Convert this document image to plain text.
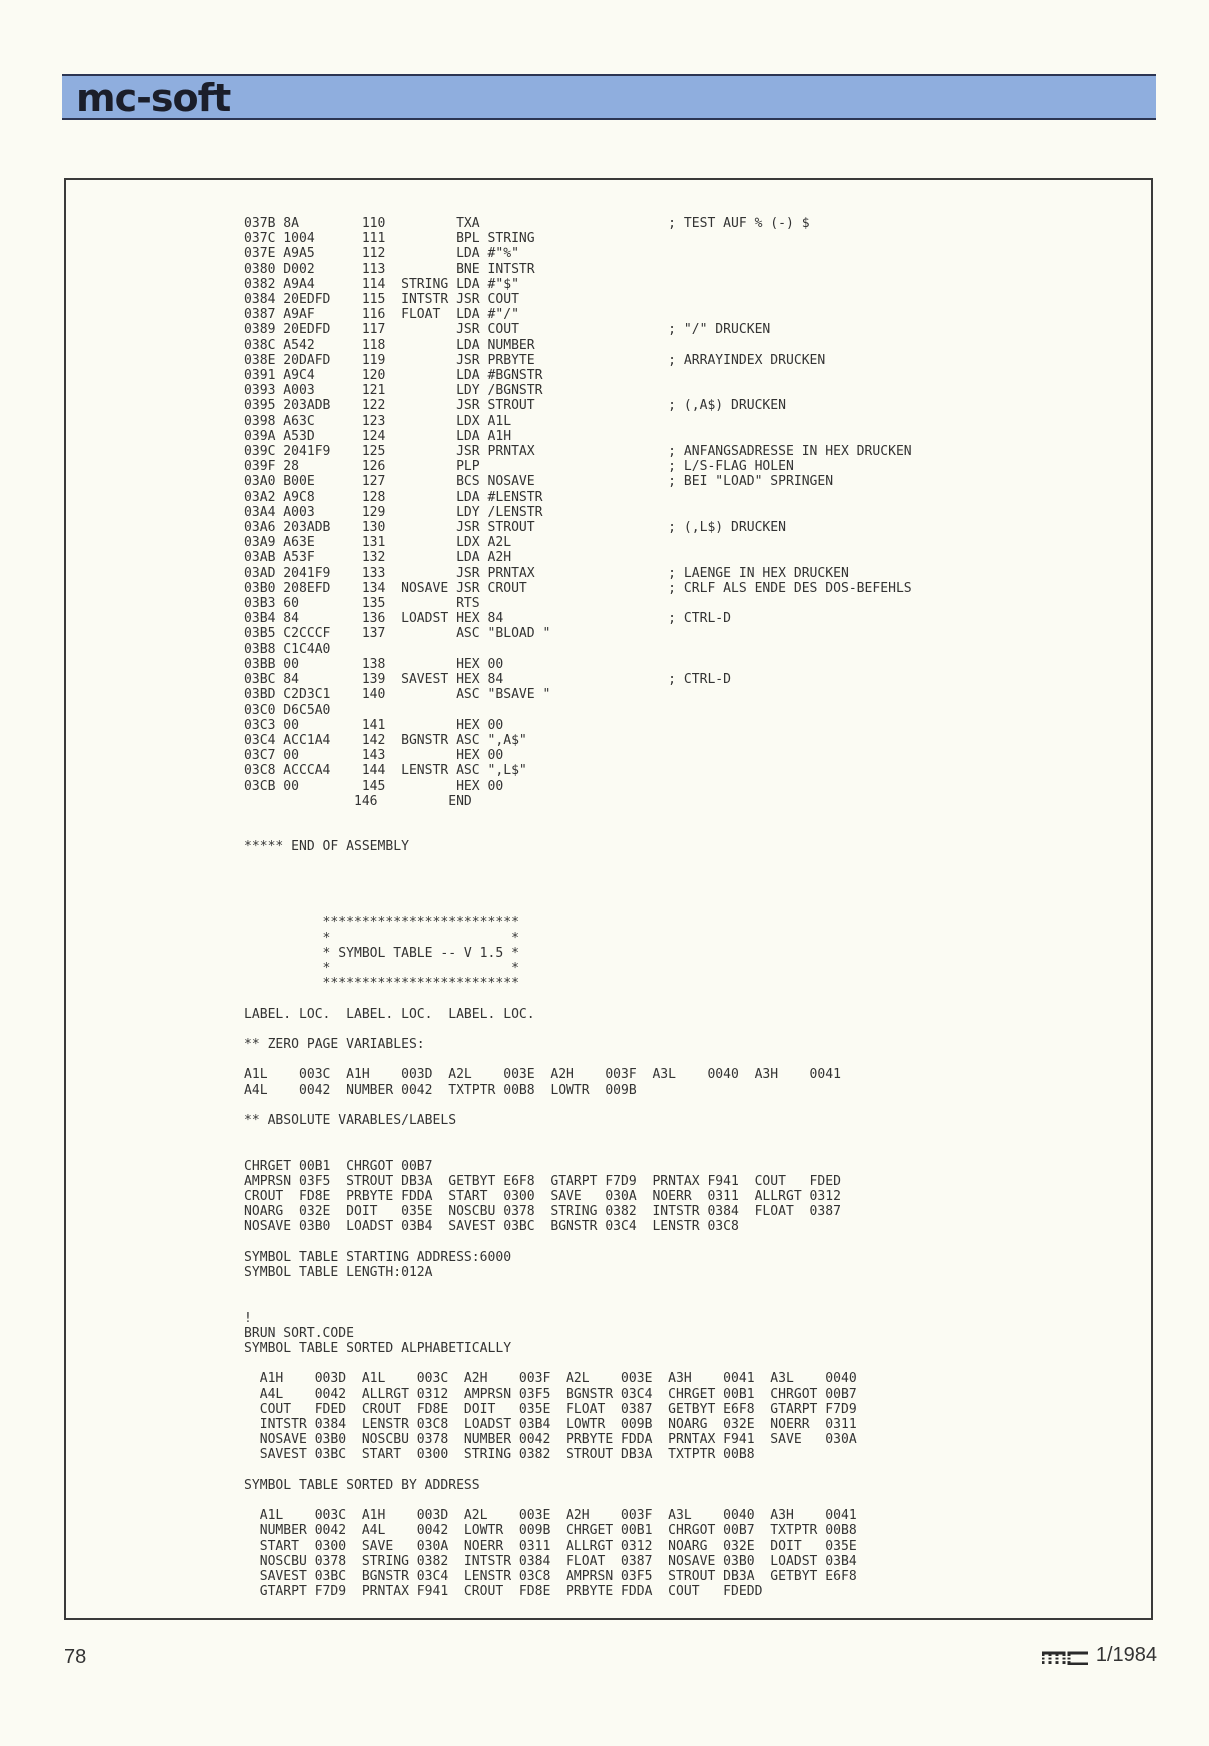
mc-soft
037B 8A        110         TXA                        ; TEST AUF % (-) $
037C 1004      111         BPL STRING
037E A9A5      112         LDA #"%"
0380 D002      113         BNE INTSTR
0382 A9A4      114  STRING LDA #"$"
0384 20EDFD    115  INTSTR JSR COUT
0387 A9AF      116  FLOAT  LDA #"/"
0389 20EDFD    117         JSR COUT                   ; "/" DRUCKEN
038C A542      118         LDA NUMBER
038E 20DAFD    119         JSR PRBYTE                 ; ARRAYINDEX DRUCKEN
0391 A9C4      120         LDA #BGNSTR
0393 A003      121         LDY /BGNSTR
0395 203ADB    122         JSR STROUT                 ; (,A$) DRUCKEN
0398 A63C      123         LDX A1L
039A A53D      124         LDA A1H
039C 2041F9    125         JSR PRNTAX                 ; ANFANGSADRESSE IN HEX DRUCKEN
039F 28        126         PLP                        ; L/S-FLAG HOLEN
03A0 B00E      127         BCS NOSAVE                 ; BEI "LOAD" SPRINGEN
03A2 A9C8      128         LDA #LENSTR
03A4 A003      129         LDY /LENSTR
03A6 203ADB    130         JSR STROUT                 ; (,L$) DRUCKEN
03A9 A63E      131         LDX A2L
03AB A53F      132         LDA A2H
03AD 2041F9    133         JSR PRNTAX                 ; LAENGE IN HEX DRUCKEN
03B0 208EFD    134  NOSAVE JSR CROUT                  ; CRLF ALS ENDE DES DOS-BEFEHLS
03B3 60        135         RTS
03B4 84        136  LOADST HEX 84                     ; CTRL-D
03B5 C2CCCF    137         ASC "BLOAD "
03B8 C1C4A0
03BB 00        138         HEX 00
03BC 84        139  SAVEST HEX 84                     ; CTRL-D
03BD C2D3C1    140         ASC "BSAVE "
03C0 D6C5A0
03C3 00        141         HEX 00
03C4 ACC1A4    142  BGNSTR ASC ",A$"
03C7 00        143         HEX 00
03C8 ACCCA4    144  LENSTR ASC ",L$"
03CB 00        145         HEX 00
146         END

***** END OF ASSEMBLY

*************************
*                       *
* SYMBOL TABLE -- V 1.5 *
*                       *
*************************

LABEL. LOC.  LABEL. LOC.  LABEL. LOC.

** ZERO PAGE VARIABLES:

A1L    003C  A1H    003D  A2L    003E  A2H    003F  A3L    0040  A3H    0041
A4L    0042  NUMBER 0042  TXTPTR 00B8  LOWTR  009B

** ABSOLUTE VARABLES/LABELS

CHRGET 00B1  CHRGOT 00B7
AMPRSN 03F5  STROUT DB3A  GETBYT E6F8  GTARPT F7D9  PRNTAX F941  COUT   FDED
CROUT  FD8E  PRBYTE FDDA  START  0300  SAVE   030A  NOERR  0311  ALLRGT 0312
NOARG  032E  DOIT   035E  NOSCBU 0378  STRING 0382  INTSTR 0384  FLOAT  0387
NOSAVE 03B0  LOADST 03B4  SAVEST 03BC  BGNSTR 03C4  LENSTR 03C8

SYMBOL TABLE STARTING ADDRESS:6000
SYMBOL TABLE LENGTH:012A

!
BRUN SORT.CODE
SYMBOL TABLE SORTED ALPHABETICALLY

A1H    003D  A1L    003C  A2H    003F  A2L    003E  A3H    0041  A3L    0040
A4L    0042  ALLRGT 0312  AMPRSN 03F5  BGNSTR 03C4  CHRGET 00B1  CHRGOT 00B7
COUT   FDED  CROUT  FD8E  DOIT   035E  FLOAT  0387  GETBYT E6F8  GTARPT F7D9
INTSTR 0384  LENSTR 03C8  LOADST 03B4  LOWTR  009B  NOARG  032E  NOERR  0311
NOSAVE 03B0  NOSCBU 0378  NUMBER 0042  PRBYTE FDDA  PRNTAX F941  SAVE   030A
SAVEST 03BC  START  0300  STRING 0382  STROUT DB3A  TXTPTR 00B8

SYMBOL TABLE SORTED BY ADDRESS

A1L    003C  A1H    003D  A2L    003E  A2H    003F  A3L    0040  A3H    0041
NUMBER 0042  A4L    0042  LOWTR  009B  CHRGET 00B1  CHRGOT 00B7  TXTPTR 00B8
START  0300  SAVE   030A  NOERR  0311  ALLRGT 0312  NOARG  032E  DOIT   035E
NOSCBU 0378  STRING 0382  INTSTR 0384  FLOAT  0387  NOSAVE 03B0  LOADST 03B4
SAVEST 03BC  BGNSTR 03C4  LENSTR 03C8  AMPRSN 03F5  STROUT DB3A  GETBYT E6F8
GTARPT F7D9  PRNTAX F941  CROUT  FD8E  PRBYTE FDDA  COUT   FDEDD
78	1/1984
